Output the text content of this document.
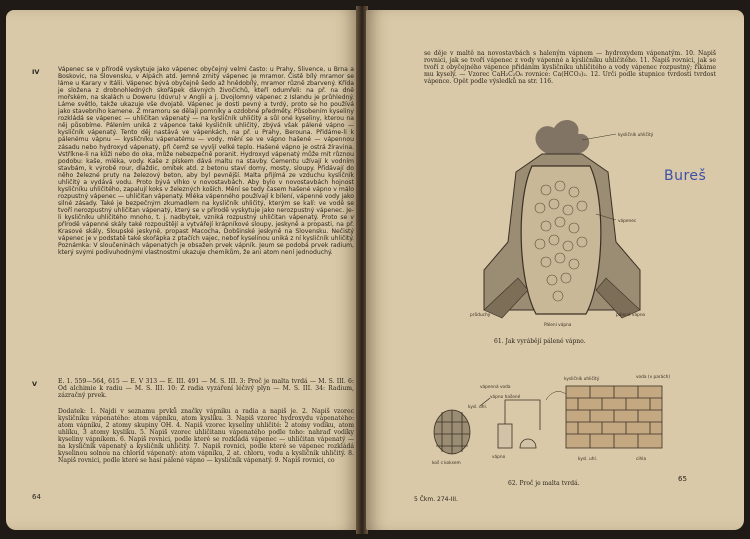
IV	Vápenec se v přírodě vyskytuje jako vápenec obyčejný velmi často: u Prahy, Slivence, u Brna a Boskovic, na Slovensku, v Alpách atd. Jemně zrnitý vápenec je mramor. Čistě bílý mramor se láme u Karary v Itálii. Vápenec bývá obyčejně šedo až hnědobílý, mramor různě zbarvený. Křída je složena z drobnohledných skořápek dávných živočichů, kteří odumřeli: na př. na dně mořském, na skalách u Doweru (dúvru) v Anglii a j. Dvojlomný vápenec z Islandu je průhledný. Láme světlo, takže ukazuje vše dvojatě. Vápenec je dosti pevný a tvrdý, proto se ho používá jako stavebního kamene. Z mramoru se dělají pomníky a ozdobné předměty. Působením kyseliny rozkládá se vápenec — uhličitan vápenatý — na kysličník uhličitý a sůl oné kyseliny, kterou na něj působíme. Pálením uniká z vápence také kysličník uhličitý, zbývá však pálené vápno — kysličník vápenatý. Tento děj nastává ve vápenkách, na př. u Prahy, Berouna. Přidáme-li k pálenému vápnu — kysličníku vápenatému — vody, mění se ve vápno hašené — vápennou zásadu nebo hydroxyd vápenatý, při čemž se vyvíjí velké teplo. Hašené vápno je ostrá žíravina. Vstříkne-li na kůži nebo do oka, může nebezpečně poranit. Hydroxyd vápenatý může mít různou podobu: kaše, mléka, vody. Kaše z pískem dává maltu na stavby. Cementu užívají k vodním stavbám, k výrobě rour, dlaždic, omítek atd. z betonu staví domy, mosty, sloupy. Přidávají do něho železné pruty na železový beton, aby byl pevnější. Malta přijímá ze vzduchu kysličník uhličitý a vydává vodu. Proto bývá vlhko v novostavbách. Aby bylo v novostavbách hojnost kysličníku uhličitého, zapalují koks v železných koších. Mění se tedy časem hašené vápno v málo rozpustný vápenec — uhličitan vápenatý. Mléka vápenného používají k bílení, vápenné vody jako silné zásady. Také je bezpečným zkumadlem na kysličník uhličitý, kterým se kalí: ve vodě se tvoří nerozpustný uhličitan vápenatý, který se v přírodě vyskytuje jako nerozpustný vápenec. Je-li kysličníku uhličitého mnoho, t. j. nadbytek, vzniká rozpustný uhličitan vápenatý. Proto se v přírodě vápenné skály také rozpouštějí a vytvářejí krápníkové sloupy, jeskyně a propasti, na př. Krasové skály, Sloupské jeskyně, propast Macocha, Dobšinské jeskyně na Slovensku. Nečistý vápenec je v podstatě také skořápka z ptačích vajec, nebof kyselinou uniká z ní kysličník uhličitý. Poznámka: V sloučeninách vápenatých je obsažen prvek vápník. Jeum se podobá prvek radium, který svými podivuhodnými vlastnostmi ukazuje chemikům, že ani atom není jednoduchý.

V	E. 1. 559—564, 615 — E. V 313 — E. III. 491 — M. S. III. 3: Proč je malta tvrdá — M. S. III. 6: Od alchimie k radiu — M. S. III. 10: Z radia vyzáření léčivý plyn — M. S. III. 34: Radium, zázračný prvek.
Dodatek: 1. Najdi v seznamu prvků značky vápníku a radia a napiš je. 2. Napiš vzorec kysličníku vápenatého: atom vápníku, atom kyslíku. 3. Napiš vzorec hydroxydu vápenatého: atom vápníku, 2 atomy skupiny OH. 4. Napiš vzorec kyseliny uhličité: 2 atomy vodíku, atom uhlíku, 3 atomy kyslíku. 5. Napiš vzorec uhličitanu vápenatého podle toho: nahraď vodíky kyseliny vápníkem. 6. Napiš rovnici, podle které se rozkládá vápenec — uhličitan vápenatý — na kysličník vápenatý a kysličník uhličitý. 7. Napiš rovnici, podle které se vápenec rozkládá kyselinou solnou na chlorid vápenatý: atom vápníku, 2 at. chloru, vodu a kysličník uhličitý. 8. Napiš rovnici, podle které se hasí pálené vápno — kysličník vápenatý. 9. Napiš rovnici, co
64
se děje v maltě na novostavbách s haleným vápnem — hydroxydem vápenatým. 10. Napiš rovnici, jak se tvoří vápenec z vody vápenné a kysličníku uhličitého. 11. Napiš rovnici, jak se tvoří z obyčejného vápence přidáním kysličníku uhličitého a vody vápenec rozpustný; říkáme mu kyselý. — Vzorec CaH₂C₂O₆ rovnice: Ca(HCO₃)₂. 12. Urči podle stupnice tvrdosti tvrdost vápence. Opět podle výsledků na str. 116.
kysličník uhličitý
vápenec
průduchy	pálené vápno
Pálení vápna
61. Jak vyrábějí pálené vápno.
Bureš
vápenná voda
vápno hašené
kysličník uhličitý	voda (v parách)
koš s koksem
kysl. uhl.
vápno	kysl. uhl.	cihla
62. Proč je malta tvrdá.
5 Čkm. 274-III.
65
